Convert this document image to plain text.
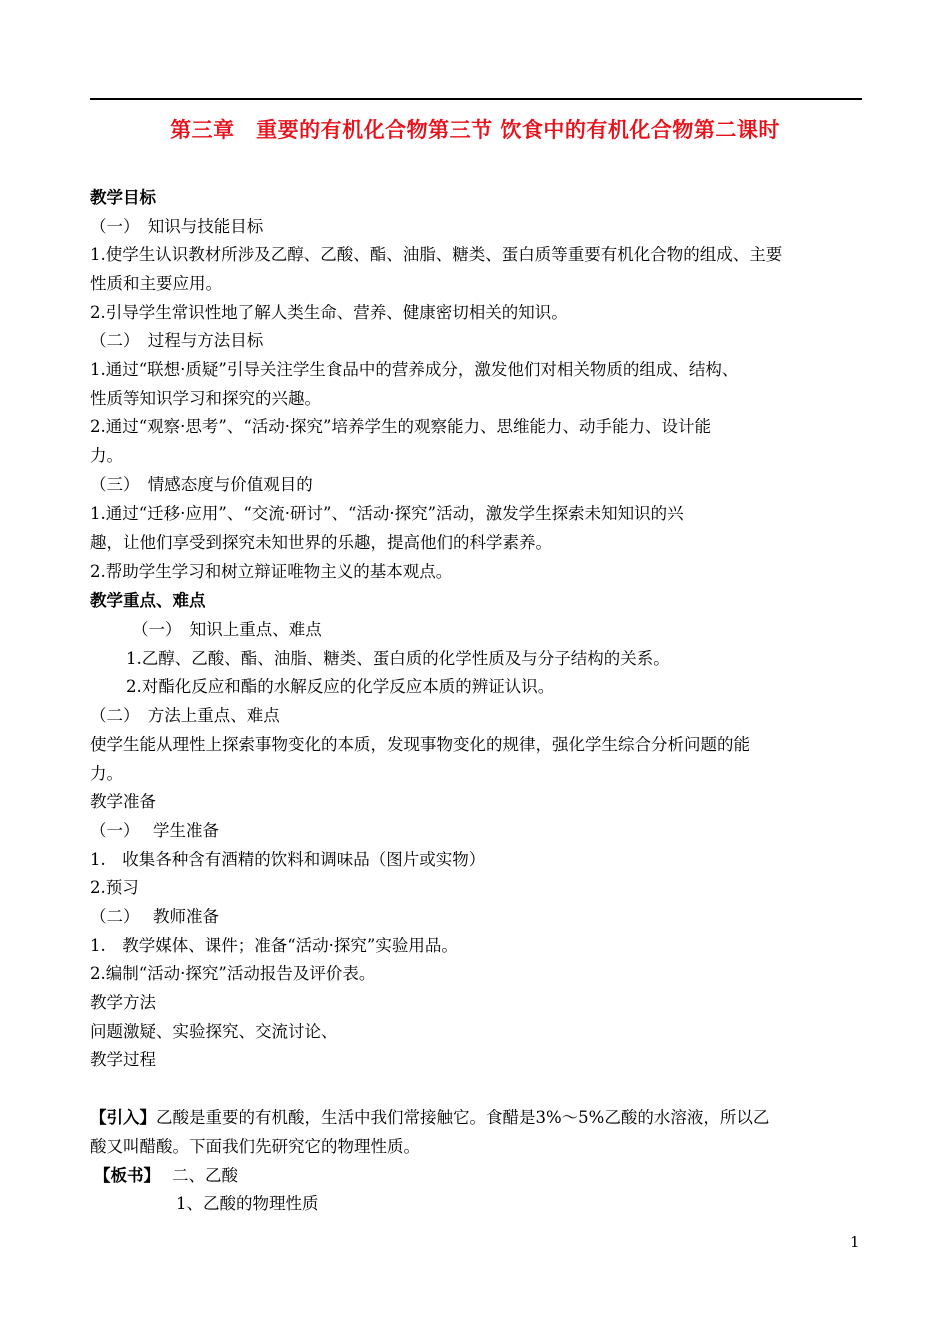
第三章　重要的有机化合物第三节 饮食中的有机化合物第二课时
教学目标
（一）　知识与技能目标
1.使学生认识教材所涉及乙醇、乙酸、酯、油脂、糖类、蛋白质等重要有机化合物的组成、主要
性质和主要应用。
2.引导学生常识性地了解人类生命、营养、健康密切相关的知识。
（二）　过程与方法目标
1.通过“联想·质疑”引导关注学生食品中的营养成分，激发他们对相关物质的组成、结构、
性质等知识学习和探究的兴趣。
2.通过“观察·思考”、“活动·探究”培养学生的观察能力、思维能力、动手能力、设计能
力。
（三）　情感态度与价值观目的
1.通过“迁移·应用”、“交流·研讨”、“活动·探究”活动，激发学生探索未知知识的兴
趣，让他们享受到探究未知世界的乐趣，提高他们的科学素养。
2.帮助学生学习和树立辩证唯物主义的基本观点。
教学重点、难点
（一）　知识上重点、难点
1.乙醇、乙酸、酯、油脂、糖类、蛋白质的化学性质及与分子结构的关系。
2.对酯化反应和酯的水解反应的化学反应本质的辨证认识。
（二）　方法上重点、难点
使学生能从理性上探索事物变化的本质，发现事物变化的规律，强化学生综合分析问题的能
力。
教学准备
（一）　 学生准备
1.　收集各种含有酒精的饮料和调味品（图片或实物）
2.预习
（二）　 教师准备
1.　教学媒体、课件；准备“活动·探究”实验用品。
2.编制“活动·探究”活动报告及评价表。
教学方法
问题激疑、实验探究、交流讨论、
教学过程
【引入】乙酸是重要的有机酸，生活中我们常接触它。食醋是3%～5%乙酸的水溶液，所以乙
酸又叫醋酸。下面我们先研究它的物理性质。
【板书】 二、乙酸
1、乙酸的物理性质
1
